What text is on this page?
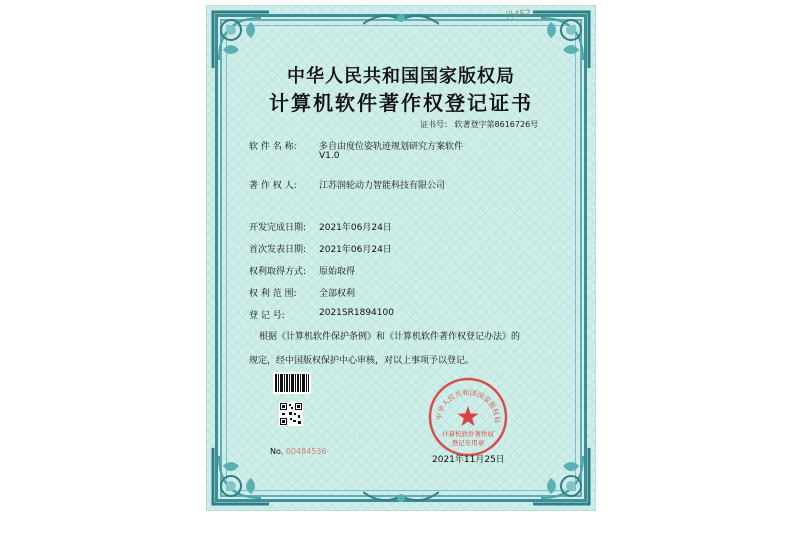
仍4F2
中华人民共和国国家版权局
计算机软件著作权登记证书
证书号： 软著登字第8616726号
软 件 名 称: 多自由度位姿轨迹规划研究方案软件
V1.0
著 作 权 人: 江苏润轮动力智能科技有限公司
开发完成日期: 2021年06月24日
首次发表日期: 2021年06月24日
权利取得方式: 原始取得
权 利 范 围: 全部权利
登 记 号:	2021SR1894100
根据《计算机软件保护条例》和《计算机软件著作权登记办法》的
规定，经中国版权保护中心审核，对以上事项予以登记。
No. 00484536
中华人民共和国国家版权局
计算机软件著作权
登记专用章
2021年11月25日
